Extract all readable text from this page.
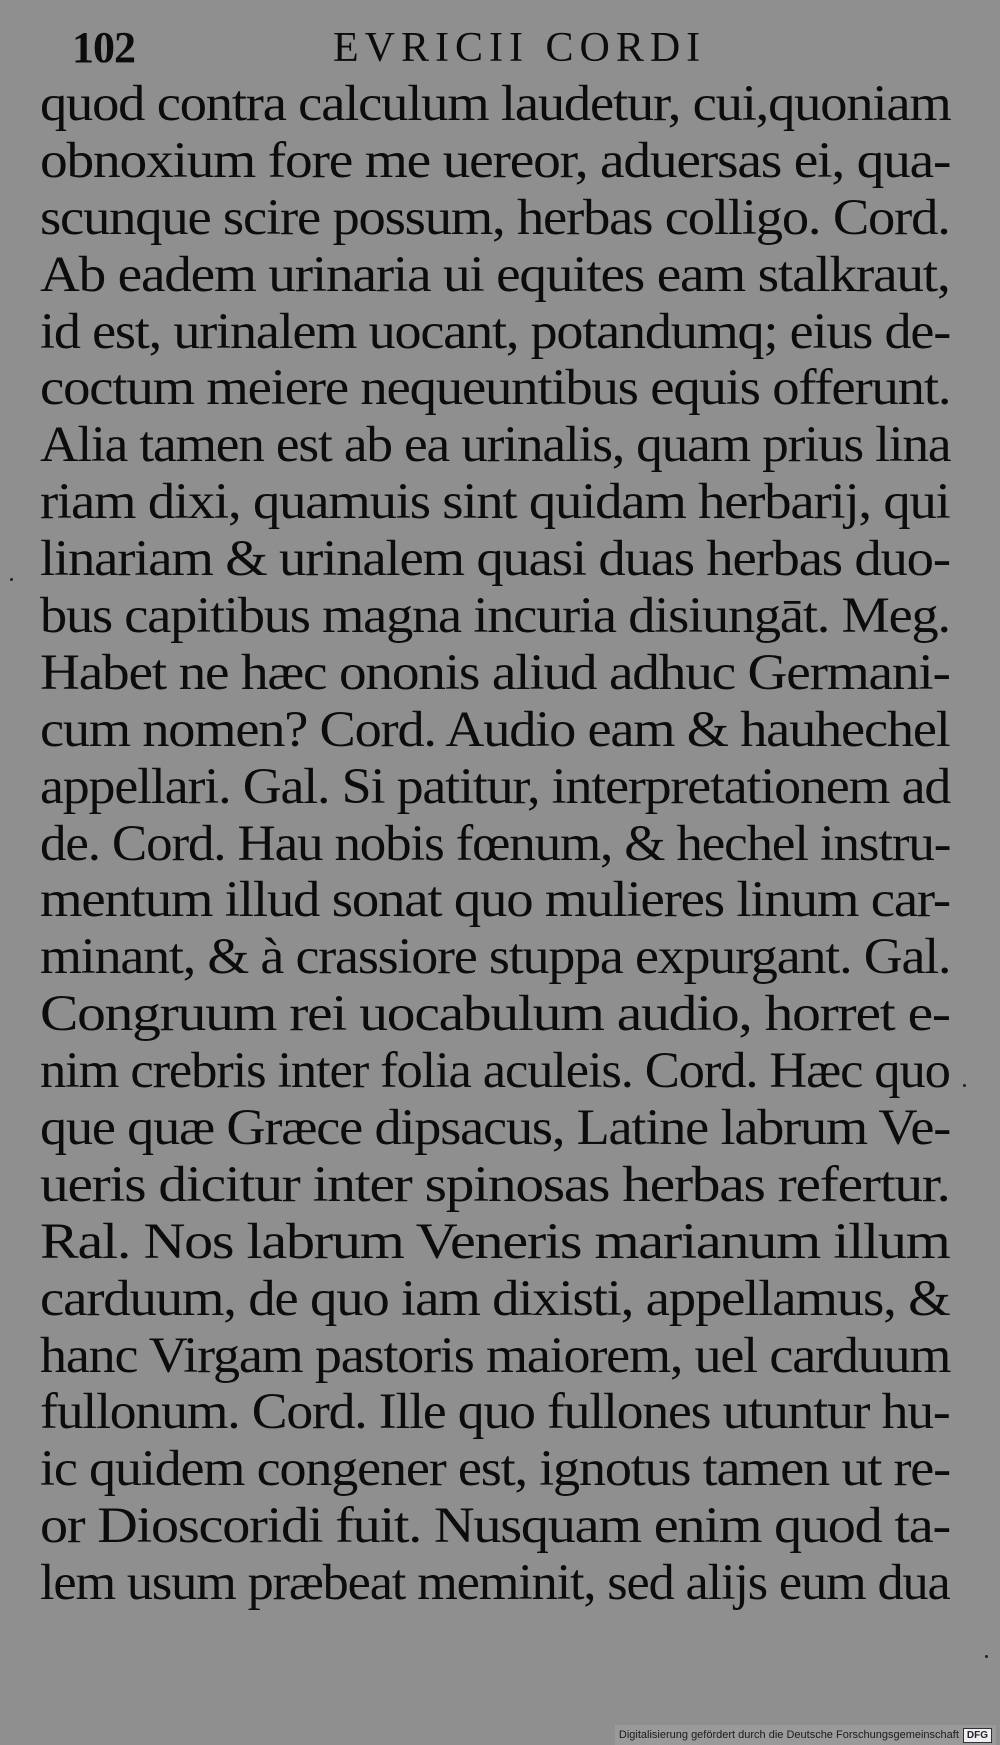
102	EVRICII CORDI
quod contra calculum laudetur, cui,quoniam
obnoxium fore me uereor, aduersas ei, qua-
scunque scire possum, herbas colligo. Cord.
Ab eadem urinaria ui equites eam stalkraut,
id est, urinalem uocant, potandumq; eius de-
coctum meiere nequeuntibus equis offerunt.
Alia tamen est ab ea urinalis, quam prius lina
riam dixi, quamuis sint quidam herbarij, qui
linariam & urinalem quasi duas herbas duo-
bus capitibus magna incuria disiungāt. Meg.
Habet ne hæc ononis aliud adhuc Germani-
cum nomen? Cord. Audio eam & hauhechel
appellari. Gal. Si patitur, interpretationem ad
de. Cord. Hau nobis fœnum, & hechel instru-
mentum illud sonat quo mulieres linum car-
minant, & à crassiore stuppa expurgant. Gal.
Congruum rei uocabulum audio, horret e-
nim crebris inter folia aculeis. Cord. Hæc quo
que quæ Græce dipsacus, Latine labrum Ve-
ueris dicitur inter spinosas herbas refertur.
Ral. Nos labrum Veneris marianum illum
carduum, de quo iam dixisti, appellamus, &
hanc Virgam pastoris maiorem, uel carduum
fullonum. Cord. Ille quo fullones utuntur hu-
ic quidem congener est, ignotus tamen ut re-
or Dioscoridi fuit. Nusquam enim quod ta-
lem usum præbeat meminit, sed alijs eum dua
Digitalisierung gefördert durch die Deutsche Forschungsgemeinschaft DFG
